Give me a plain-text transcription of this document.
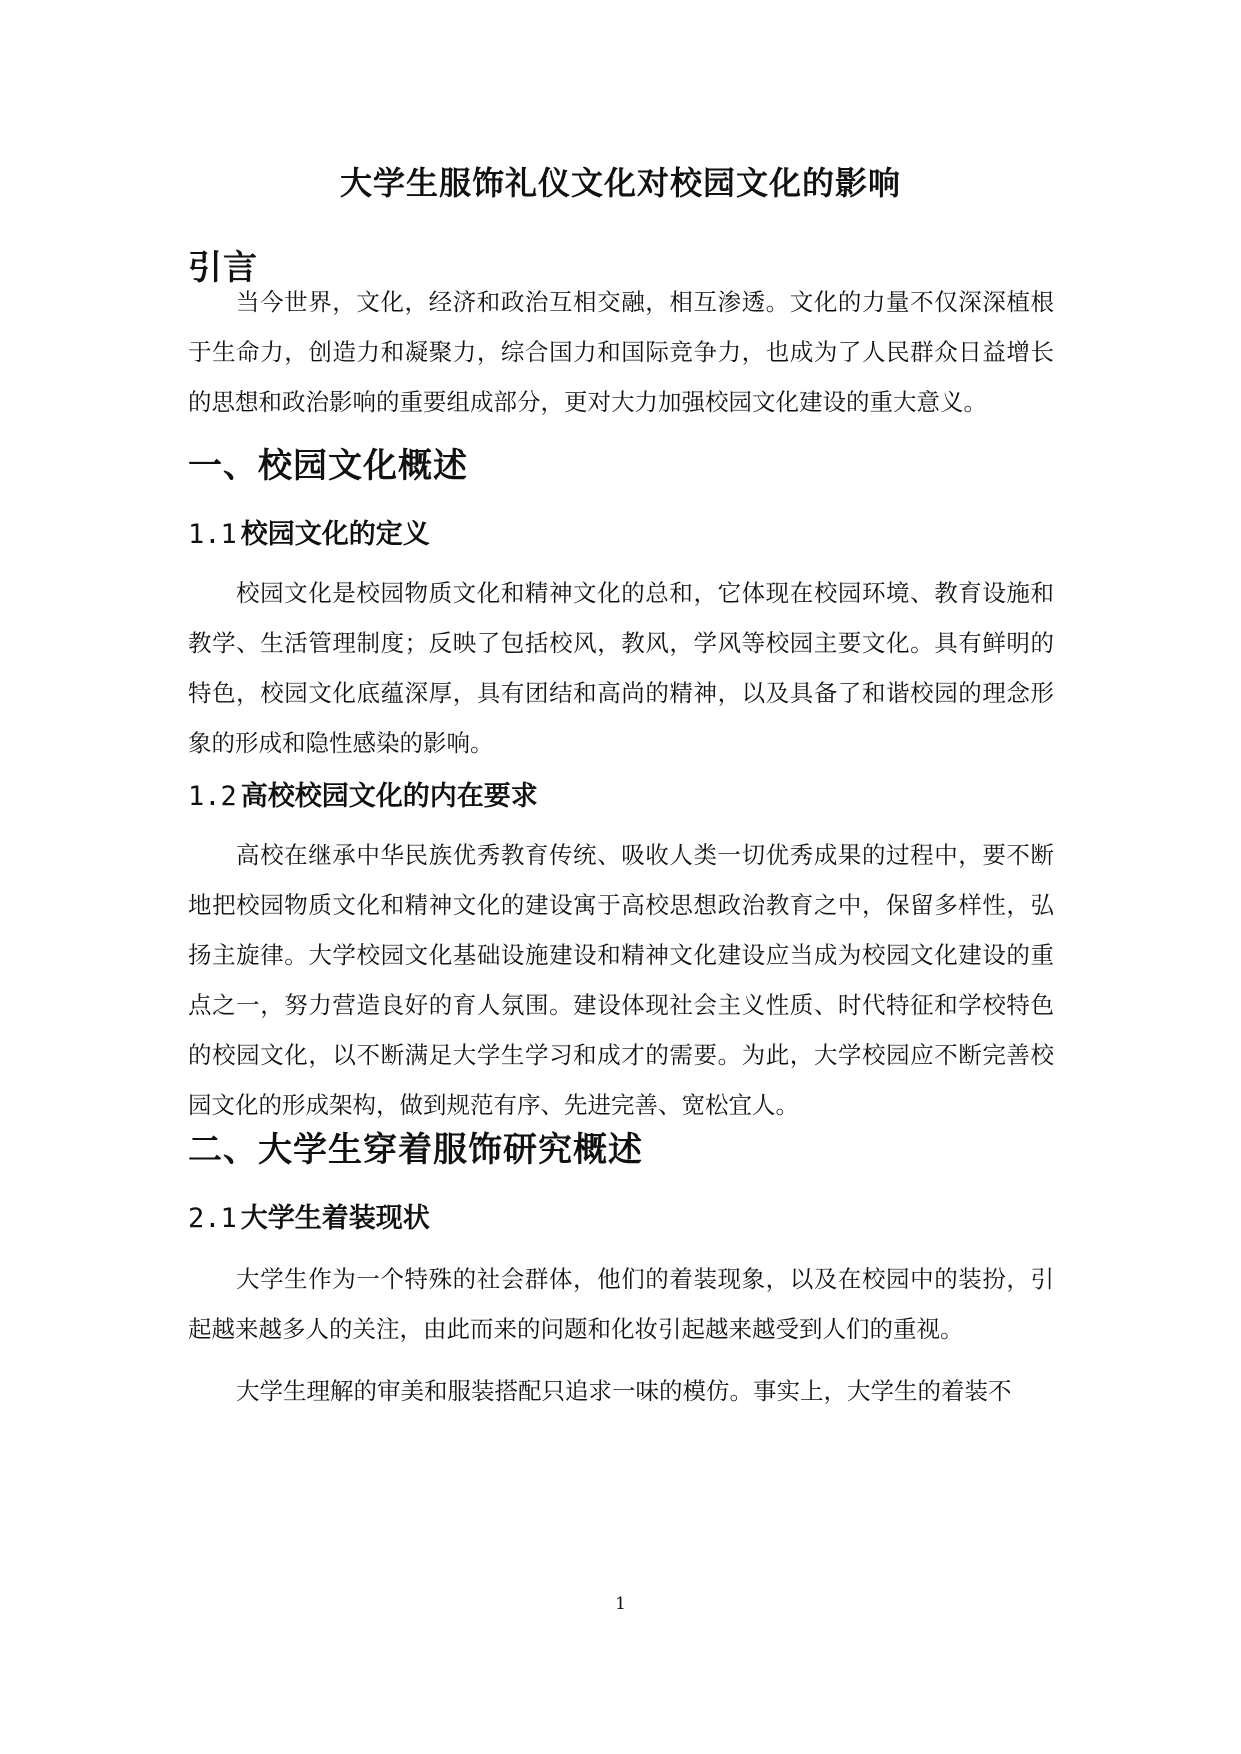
大学生服饰礼仪文化对校园文化的影响
引言

当今世界，文化，经济和政治互相交融，相互渗透。文化的力量不仅深深植根于生命力，创造力和凝聚力，综合国力和国际竞争力，也成为了人民群众日益增长的思想和政治影响的重要组成部分，更对大力加强校园文化建设的重大意义。

一、校园文化概述
1.1 校园文化的定义

校园文化是校园物质文化和精神文化的总和，它体现在校园环境、教育设施和教学、生活管理制度；反映了包括校风，教风，学风等校园主要文化。具有鲜明的特色，校园文化底蕴深厚，具有团结和高尚的精神，以及具备了和谐校园的理念形象的形成和隐性感染的影响。

1.2 高校校园文化的内在要求

高校在继承中华民族优秀教育传统、吸收人类一切优秀成果的过程中，要不断地把校园物质文化和精神文化的建设寓于高校思想政治教育之中，保留多样性，弘扬主旋律。大学校园文化基础设施建设和精神文化建设应当成为校园文化建设的重点之一，努力营造良好的育人氛围。建设体现社会主义性质、时代特征和学校特色的校园文化，以不断满足大学生学习和成才的需要。为此，大学校园应不断完善校园文化的形成架构，做到规范有序、先进完善、宽松宜人。

二、大学生穿着服饰研究概述
2.1 大学生着装现状

大学生作为一个特殊的社会群体，他们的着装现象，以及在校园中的装扮，引起越来越多人的关注，由此而来的问题和化妆引起越来越受到人们的重视。

大学生理解的审美和服装搭配只追求一味的模仿。事实上，大学生的着装不

1
